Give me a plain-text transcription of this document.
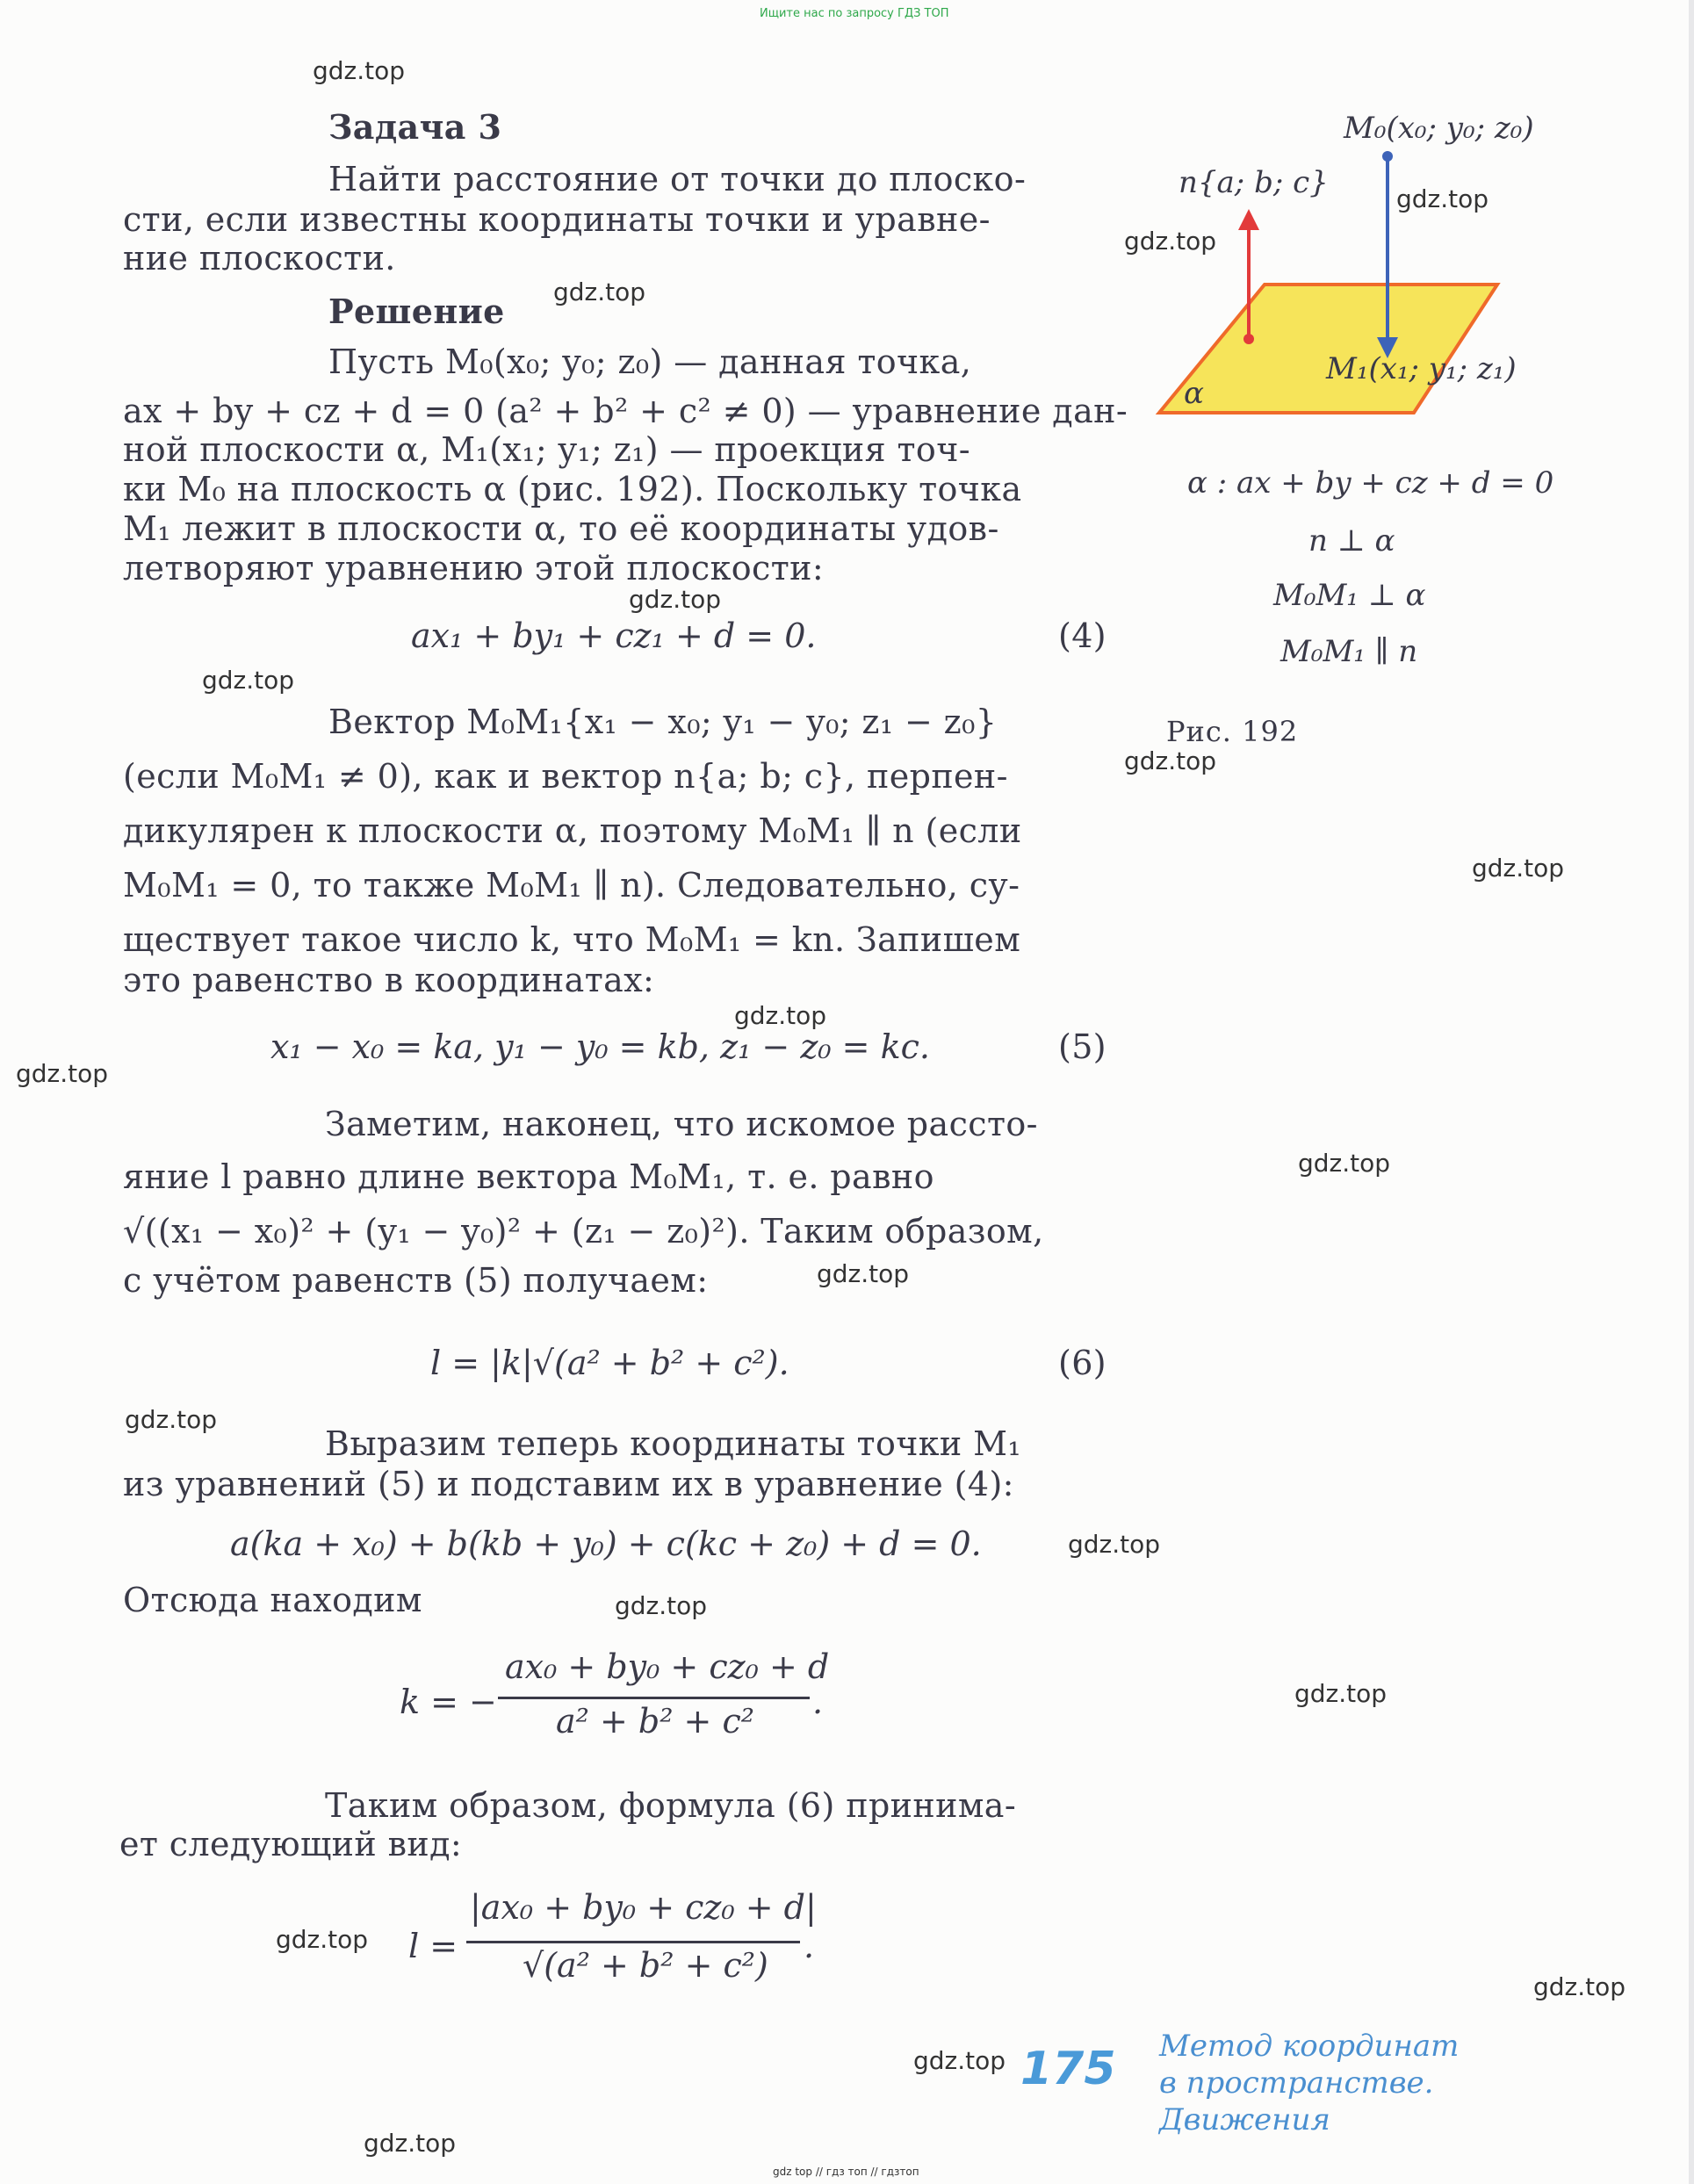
Ищите нас по запросу ГДЗ ТОП
Задача 3
Найти расстояние от точки до плоско-
сти, если известны координаты точки и уравне-
ние плоскости.
Решение
Пусть M₀(x₀; y₀; z₀) — данная точка,
ax + by + cz + d = 0 (a² + b² + c² ≠ 0) — уравнение дан-
ной плоскости α, M₁(x₁; y₁; z₁) — проекция точ-
ки M₀ на плоскость α (рис. 192). Поскольку точка
M₁ лежит в плоскости α, то её координаты удов-
летворяют уравнению этой плоскости:
ax₁ + by₁ + cz₁ + d = 0.	(4)
Вектор M₀M₁{x₁ − x₀; y₁ − y₀; z₁ − z₀}
(если M₀M₁ ≠ 0), как и вектор n{a; b; c}, перпен-
дикулярен к плоскости α, поэтому M₀M₁ ∥ n (если
M₀M₁ = 0, то также M₀M₁ ∥ n). Следовательно, су-
ществует такое число k, что M₀M₁ = kn. Запишем
это равенство в координатах:
x₁ − x₀ = ka, y₁ − y₀ = kb, z₁ − z₀ = kc.	(5)
Заметим, наконец, что искомое рассто-
яние l равно длине вектора M₀M₁, т. е. равно
√((x₁ − x₀)² + (y₁ − y₀)² + (z₁ − z₀)²). Таким образом,
с учётом равенств (5) получаем:
l = |k|√(a² + b² + c²).	(6)
Выразим теперь координаты точки M₁
из уравнений (5) и подставим их в уравнение (4):
a(ka + x₀) + b(kb + y₀) + c(kc + z₀) + d = 0.
Отсюда находим
k = −
ax₀ + by₀ + cz₀ + d
a² + b² + c² .
Таким образом, формула (6) принима-
ет следующий вид:
l =
|ax₀ + by₀ + cz₀ + d|
√(a² + b² + c²) .
M₀(x₀; y₀; z₀)
n{a; b; c}
M₁(x₁; y₁; z₁)
α
α : ax + by + cz + d = 0
n ⊥ α
M₀M₁ ⊥ α
M₀M₁ ∥ n
Рис. 192
175 Метод координат
в пространстве.
Движения
gdz top // гдз топ // гдзтоп
gdz.top
gdz.top
gdz.top
gdz.top
gdz.top
gdz.top
gdz.top
gdz.top
gdz.top
gdz.top
gdz.top
gdz.top
gdz.top
gdz.top
gdz.top
gdz.top
gdz.top
gdz.top
gdz.top
gdz.top
